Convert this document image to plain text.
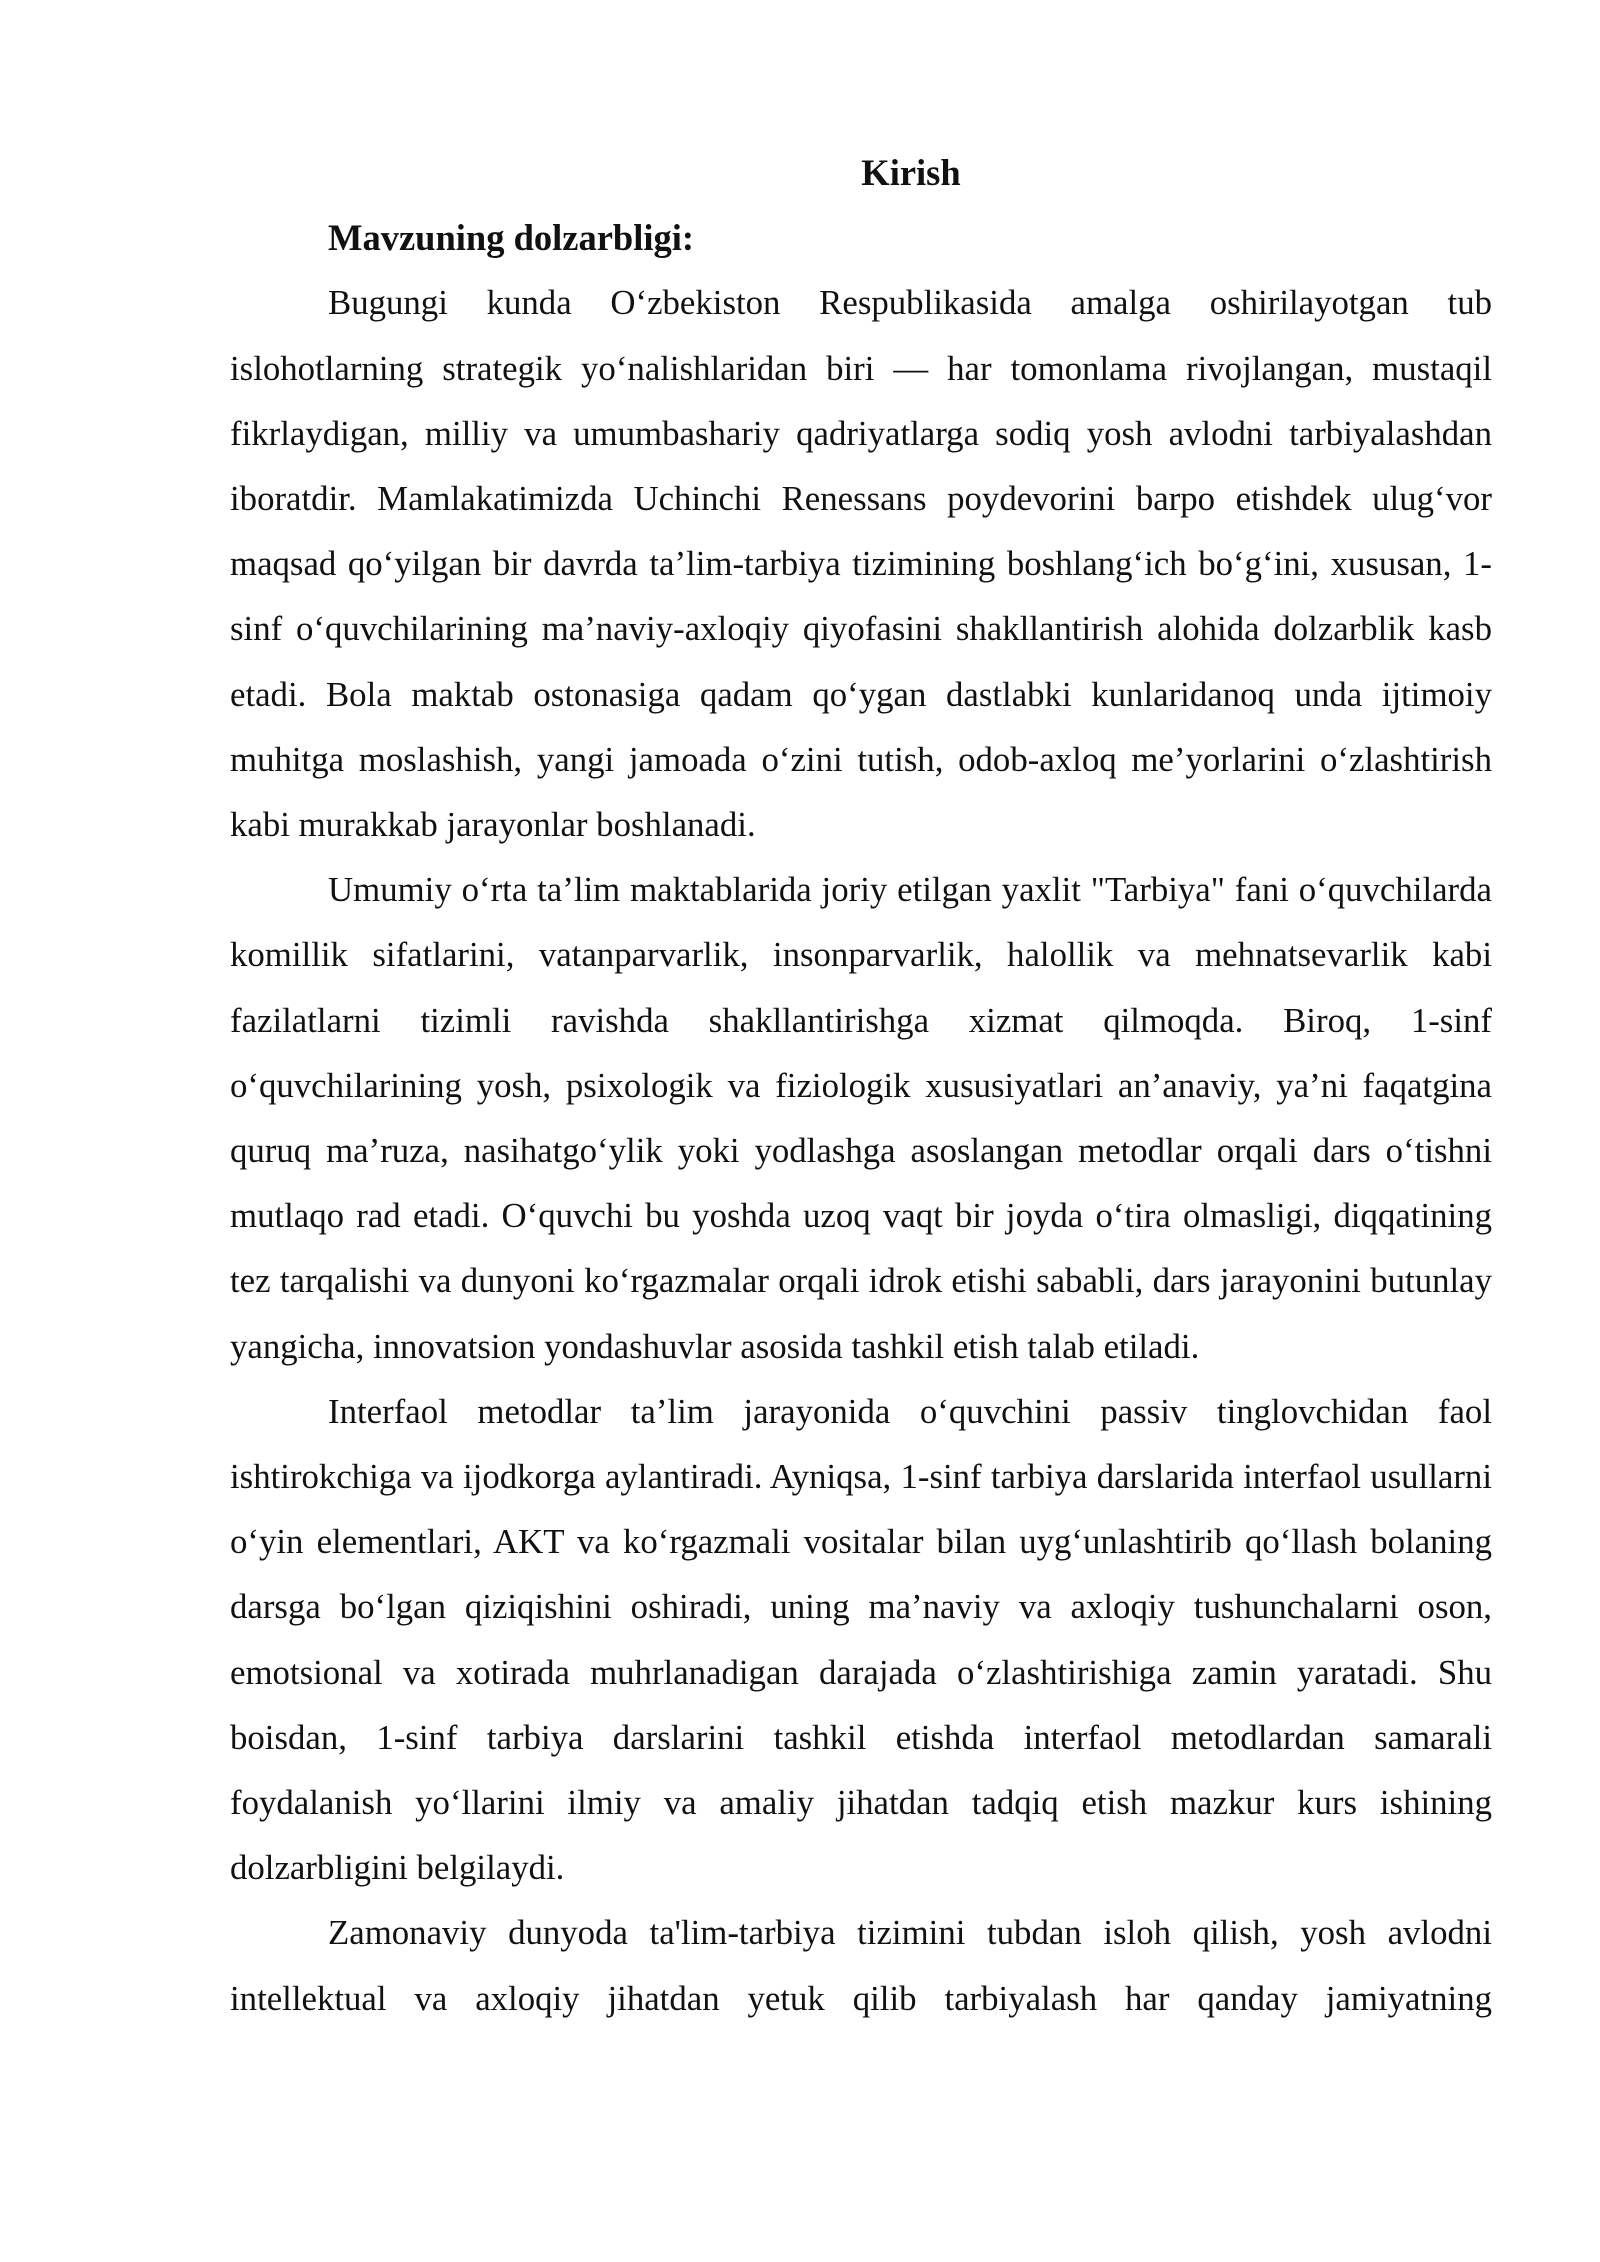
Kirish
Mavzuning dolzarbligi:

Bugungi kunda O‘zbekiston Respublikasida amalga oshirilayotgan tub islohotlarning strategik yo‘nalishlaridan biri — har tomonlama rivojlangan, mustaqil fikrlaydigan, milliy va umumbashariy qadriyatlarga sodiq yosh avlodni tarbiyalashdan iboratdir. Mamlakatimizda Uchinchi Renessans poydevorini barpo etishdek ulug‘vor maqsad qo‘yilgan bir davrda ta’lim-tarbiya tizimining boshlang‘ich bo‘g‘ini, xususan, 1-sinf o‘quvchilarining ma’naviy-axloqiy qiyofasini shakllantirish alohida dolzarblik kasb etadi. Bola maktab ostonasiga qadam qo‘ygan dastlabki kunlaridanoq unda ijtimoiy muhitga moslashish, yangi jamoada o‘zini tutish, odob-axloq me’yorlarini o‘zlashtirish kabi murakkab jarayonlar boshlanadi.

Umumiy o‘rta ta’lim maktablarida joriy etilgan yaxlit "Tarbiya" fani o‘quvchilarda komillik sifatlarini, vatanparvarlik, insonparvarlik, halollik va mehnatsevarlik kabi fazilatlarni tizimli ravishda shakllantirishga xizmat qilmoqda. Biroq, 1-sinf o‘quvchilarining yosh, psixologik va fiziologik xususiyatlari an’anaviy, ya’ni faqatgina quruq ma’ruza, nasihatgo‘ylik yoki yodlashga asoslangan metodlar orqali dars o‘tishni mutlaqo rad etadi. O‘quvchi bu yoshda uzoq vaqt bir joyda o‘tira olmasligi, diqqatining tez tarqalishi va dunyoni ko‘rgazmalar orqali idrok etishi sababli, dars jarayonini butunlay yangicha, innovatsion yondashuvlar asosida tashkil etish talab etiladi.

Interfaol metodlar ta’lim jarayonida o‘quvchini passiv tinglovchidan faol ishtirokchiga va ijodkorga aylantiradi. Ayniqsa, 1-sinf tarbiya darslarida interfaol usullarni o‘yin elementlari, AKT va ko‘rgazmali vositalar bilan uyg‘unlashtirib qo‘llash bolaning darsga bo‘lgan qiziqishini oshiradi, uning ma’naviy va axloqiy tushunchalarni oson, emotsional va xotirada muhrlanadigan darajada o‘zlashtirishiga zamin yaratadi. Shu boisdan, 1-sinf tarbiya darslarini tashkil etishda interfaol metodlardan samarali foydalanish yo‘llarini ilmiy va amaliy jihatdan tadqiq etish mazkur kurs ishining dolzarbligini belgilaydi.

Zamonaviy dunyoda ta'lim-tarbiya tizimini tubdan isloh qilish, yosh avlodni intellektual va axloqiy jihatdan yetuk qilib tarbiyalash har qanday jamiyatning
